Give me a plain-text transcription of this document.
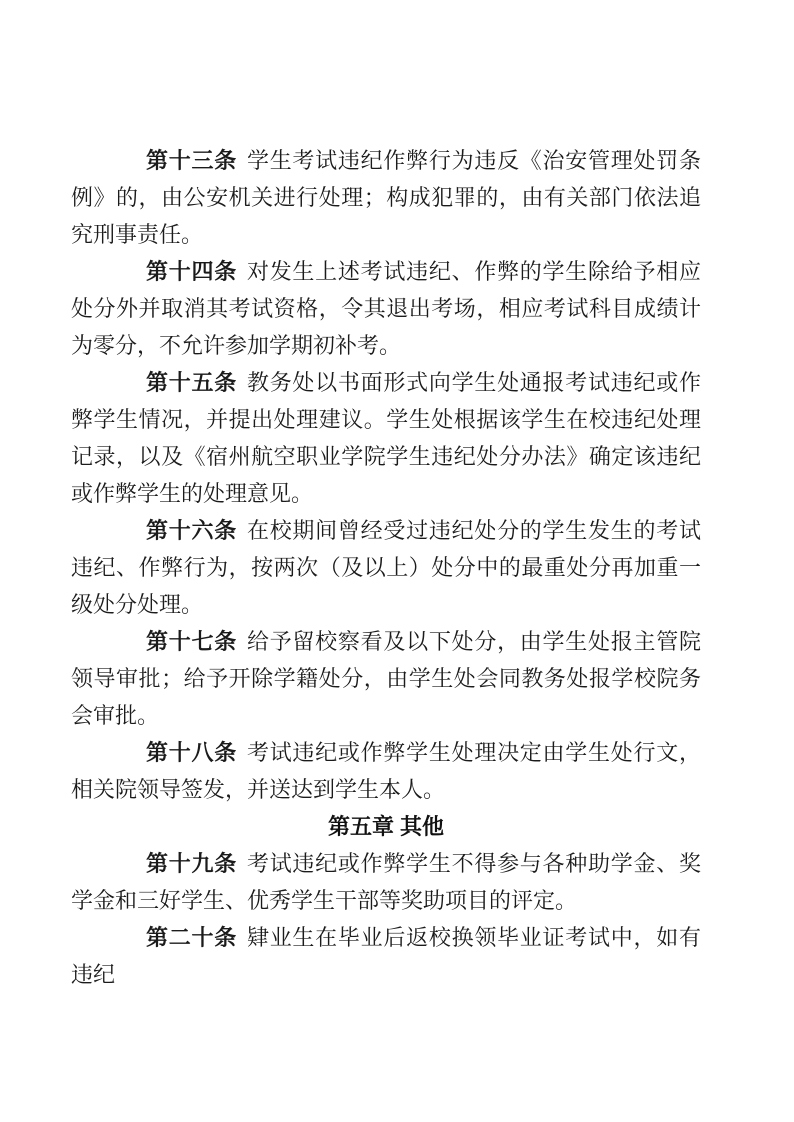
第十三条 学生考试违纪作弊行为违反《治安管理处罚条例》的，由公安机关进行处理；构成犯罪的，由有关部门依法追究刑事责任。

第十四条 对发生上述考试违纪、作弊的学生除给予相应处分外并取消其考试资格，令其退出考场，相应考试科目成绩计为零分，不允许参加学期初补考。

第十五条 教务处以书面形式向学生处通报考试违纪或作弊学生情况，并提出处理建议。学生处根据该学生在校违纪处理记录，以及《宿州航空职业学院学生违纪处分办法》确定该违纪或作弊学生的处理意见。

第十六条 在校期间曾经受过违纪处分的学生发生的考试违纪、作弊行为，按两次（及以上）处分中的最重处分再加重一级处分处理。

第十七条 给予留校察看及以下处分，由学生处报主管院领导审批；给予开除学籍处分，由学生处会同教务处报学校院务会审批。

第十八条 考试违纪或作弊学生处理决定由学生处行文，相关院领导签发，并送达到学生本人。

第五章 其他

第十九条 考试违纪或作弊学生不得参与各种助学金、奖学金和三好学生、优秀学生干部等奖助项目的评定。

第二十条 肄业生在毕业后返校换领毕业证考试中，如有违纪
